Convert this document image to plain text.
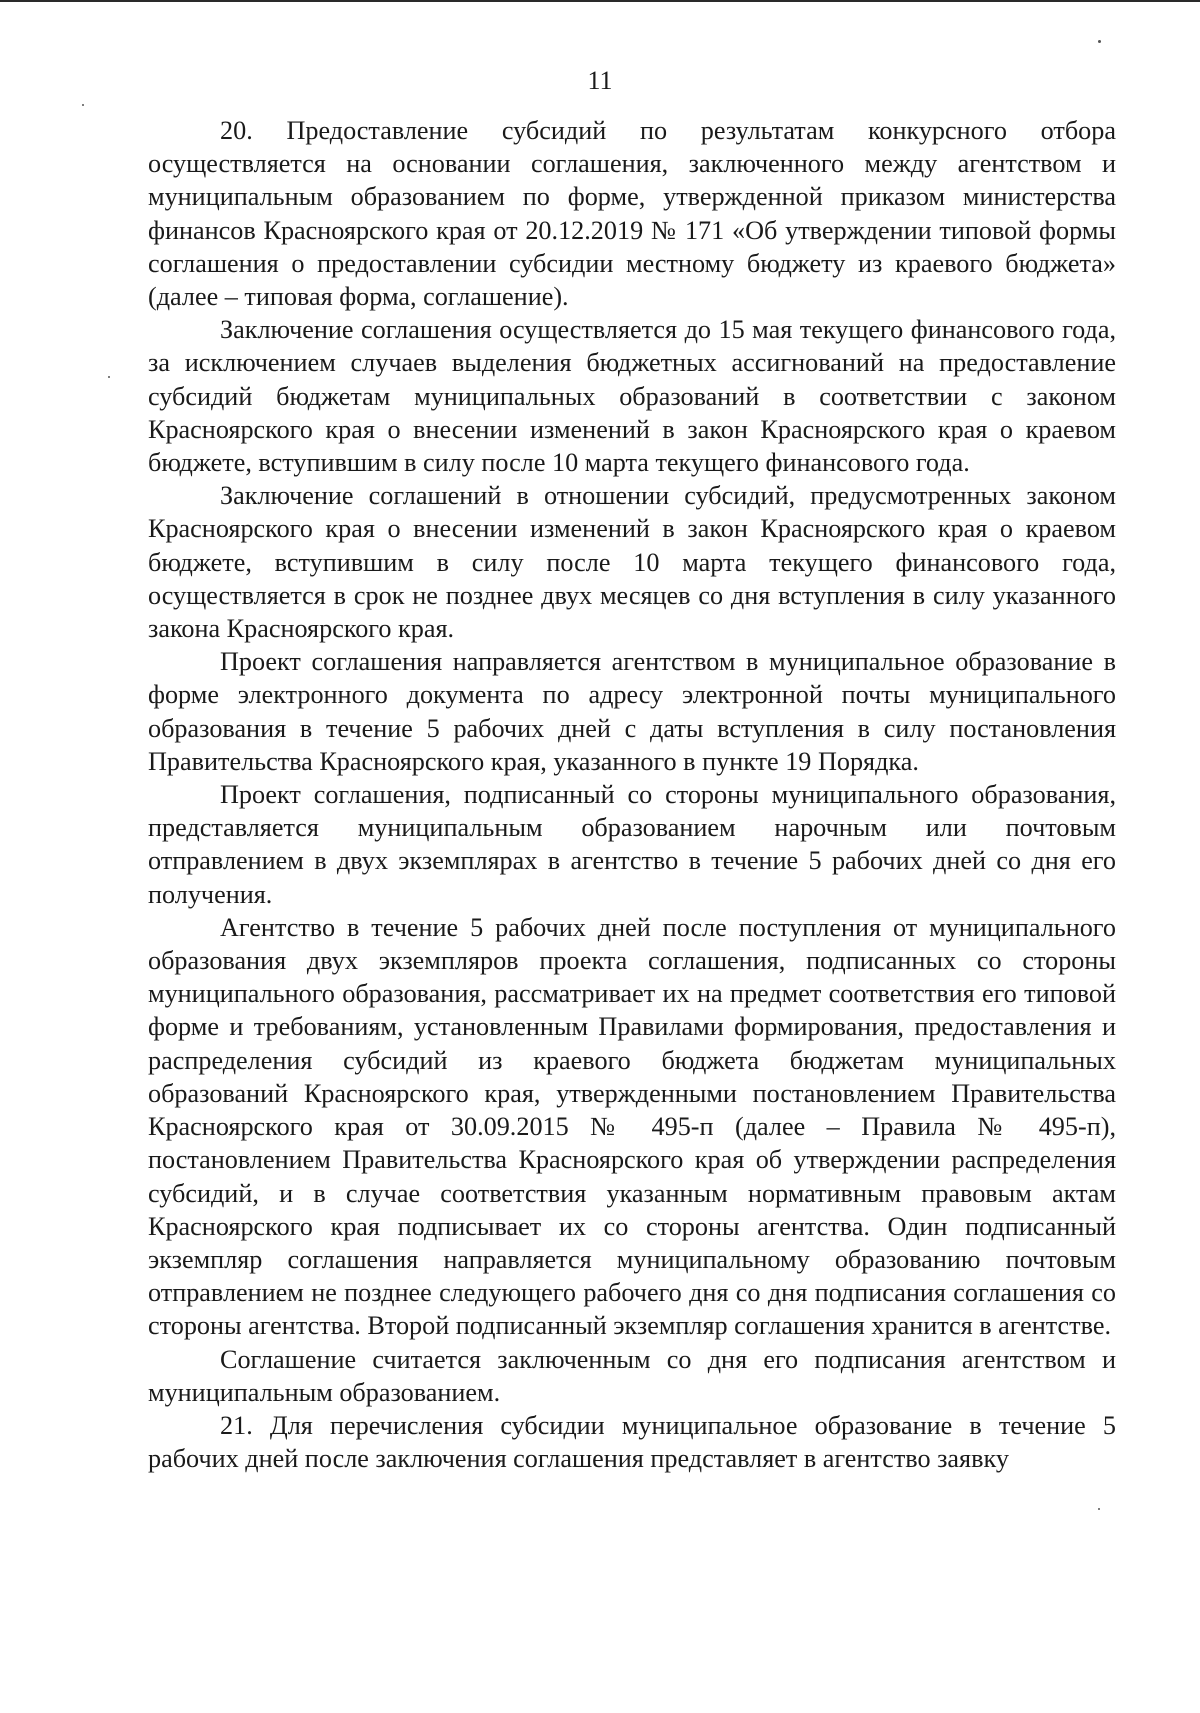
11

20. Предоставление субсидий по результатам конкурсного отбора осуществляется на основании соглашения, заключенного между агентством и муниципальным образованием по форме, утвержденной приказом министерства финансов Красноярского края от 20.12.2019 № 171 «Об утверждении типовой формы соглашения о предоставлении субсидии местному бюджету из краевого бюджета» (далее – типовая форма, соглашение).

Заключение соглашения осуществляется до 15 мая текущего финансового года, за исключением случаев выделения бюджетных ассигнований на предоставление субсидий бюджетам муниципальных образований в соответствии с законом Красноярского края о внесении изменений в закон Красноярского края о краевом бюджете, вступившим в силу после 10 марта текущего финансового года.

Заключение соглашений в отношении субсидий, предусмотренных законом Красноярского края о внесении изменений в закон Красноярского края о краевом бюджете, вступившим в силу после 10 марта текущего финансового года, осуществляется в срок не позднее двух месяцев со дня вступления в силу указанного закона Красноярского края.

Проект соглашения направляется агентством в муниципальное образование в форме электронного документа по адресу электронной почты муниципального образования в течение 5 рабочих дней с даты вступления в силу постановления Правительства Красноярского края, указанного в пункте 19 Порядка.

Проект соглашения, подписанный со стороны муниципального образования, представляется муниципальным образованием нарочным или почтовым отправлением в двух экземплярах в агентство в течение 5 рабочих дней со дня его получения.

Агентство в течение 5 рабочих дней после поступления от муниципального образования двух экземпляров проекта соглашения, подписанных со стороны муниципального образования, рассматривает их на предмет соответствия его типовой форме и требованиям, установленным Правилами формирования, предоставления и распределения субсидий из краевого бюджета бюджетам муниципальных образований Красноярского края, утвержденными постановлением Правительства Красноярского края от 30.09.2015 № 495-п (далее – Правила № 495-п), постановлением Правительства Красноярского края об утверждении распределения субсидий, и в случае соответствия указанным нормативным правовым актам Красноярского края подписывает их со стороны агентства. Один подписанный экземпляр соглашения направляется муниципальному образованию почтовым отправлением не позднее следующего рабочего дня со дня подписания соглашения со стороны агентства. Второй подписанный экземпляр соглашения хранится в агентстве.

Соглашение считается заключенным со дня его подписания агентством и муниципальным образованием.

21. Для перечисления субсидии муниципальное образование в течение 5 рабочих дней после заключения соглашения представляет в агентство заявку
